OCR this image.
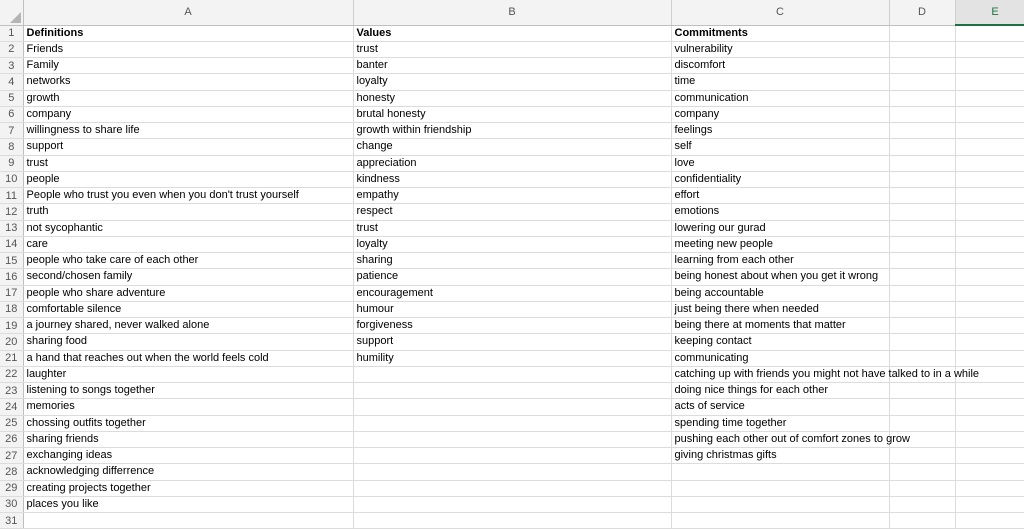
	A	B	C	D	E
1	Definitions	Values	Commitments		
2	Friends	trust	vulnerability		
3	Family	banter	discomfort		
4	networks	loyalty	time		
5	growth	honesty	communication		
6	company	brutal honesty	company		
7	willingness to share life	growth within friendship	feelings		
8	support	change	self		
9	trust	appreciation	love		
10	people	kindness	confidentiality		
11	People who trust you even when you don't trust yourself	empathy	effort		
12	truth	respect	emotions		
13	not sycophantic	trust	lowering our gurad		
14	care	loyalty	meeting new people		
15	people who take care of each other	sharing	learning from each other		
16	second/chosen family	patience	being honest about when you get it wrong		
17	people who share adventure	encouragement	being accountable		
18	comfortable silence	humour	just being there when needed		
19	a journey shared, never walked alone	forgiveness	being there at moments that matter		
20	sharing food	support	keeping contact		
21	a hand that reaches out when the world feels cold	humility	communicating		
22	laughter		catching up with friends you might not have talked to in a while		
23	listening to songs together		doing nice things for each other		
24	memories		acts of service		
25	chossing outfits together		spending time together		
26	sharing friends		pushing each other out of comfort zones to grow		
27	exchanging ideas		giving christmas gifts		
28	acknowledging differrence				
29	creating projects together				
30	places you like				
31					
